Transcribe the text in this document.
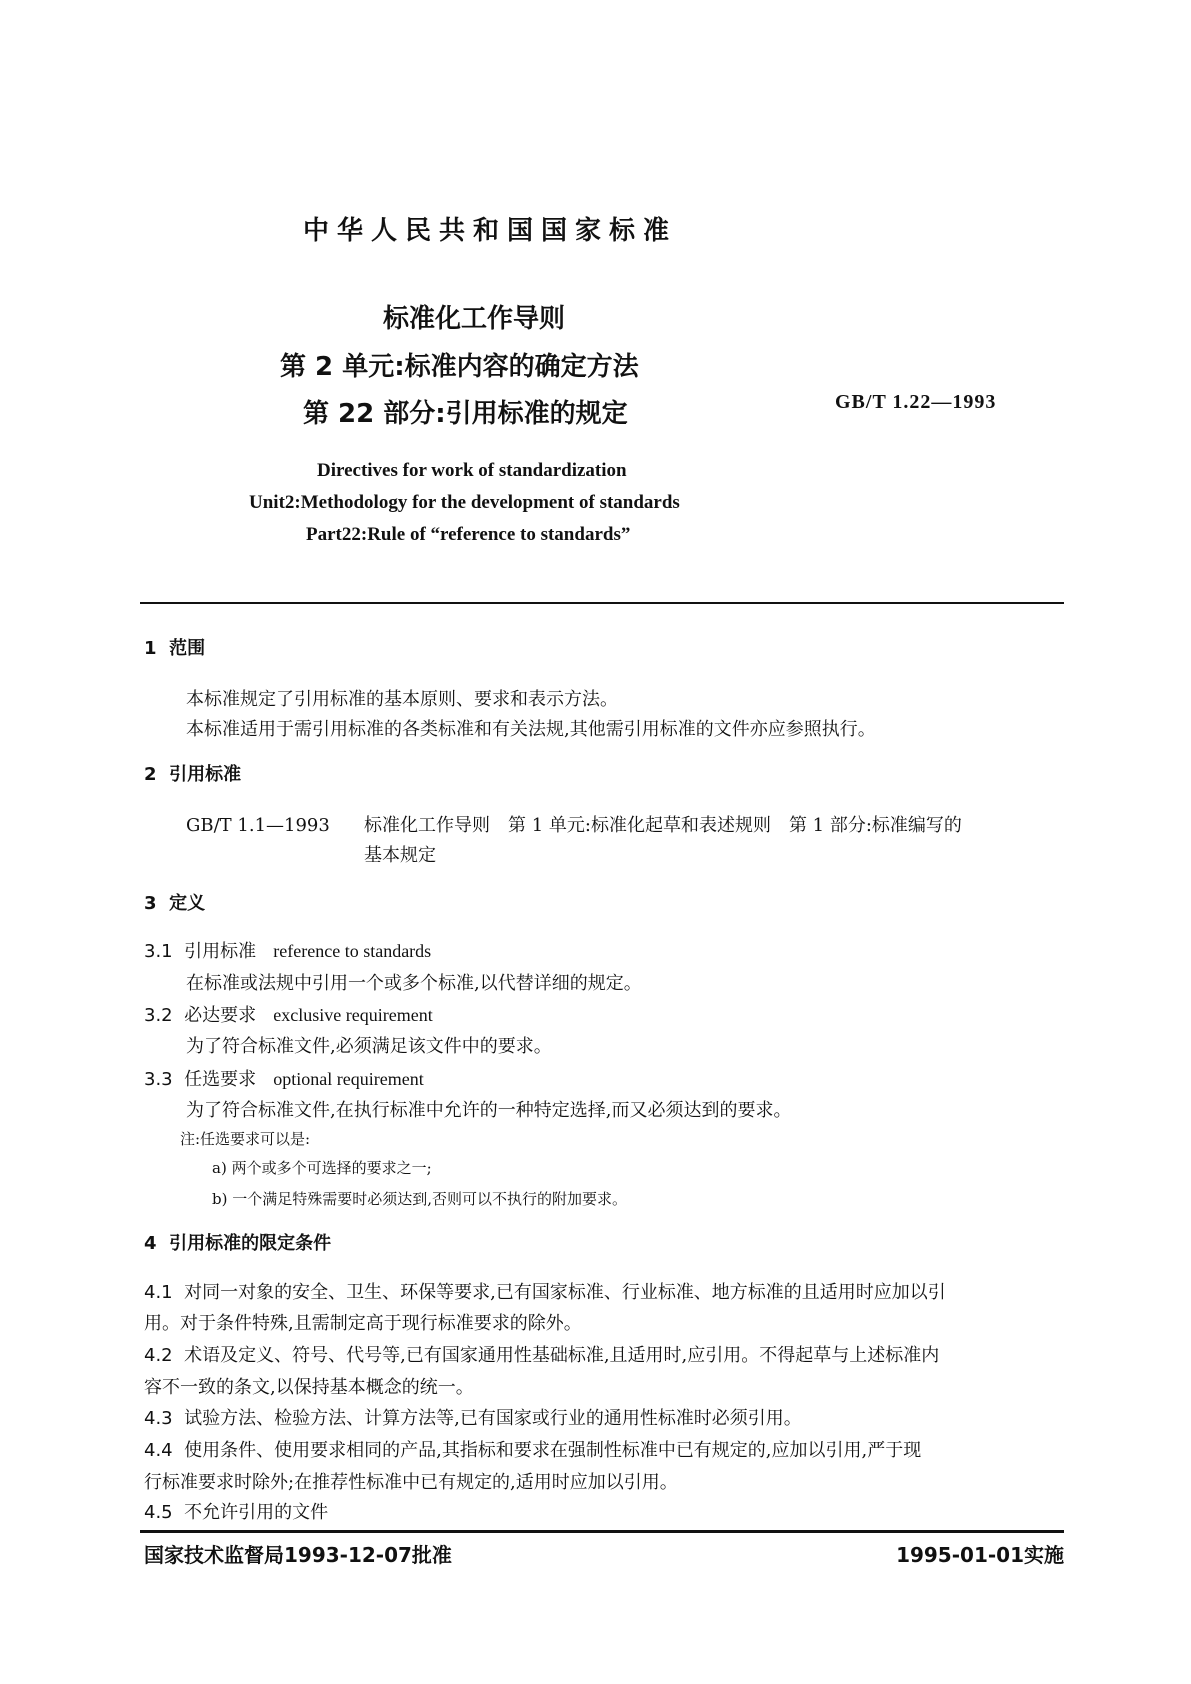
中华人民共和国国家标准
标准化工作导则
第 2 单元:标准内容的确定方法
第 22 部分:引用标准的规定	GB/T 1.22—1993
Directives for work of standardization
Unit2:Methodology for the development of standards
Part22:Rule of “reference to standards”
1 范围
本标准规定了引用标准的基本原则、要求和表示方法。
本标准适用于需引用标准的各类标准和有关法规,其他需引用标准的文件亦应参照执行。
2 引用标准
GB/T 1.1—1993 标准化工作导则　第 1 单元:标准化起草和表述规则　第 1 部分:标准编写的
基本规定
3 定义
3.1 引用标准 reference to standards
在标准或法规中引用一个或多个标准,以代替详细的规定。
3.2 必达要求 exclusive requirement
为了符合标准文件,必须满足该文件中的要求。
3.3 任选要求 optional requirement
为了符合标准文件,在执行标准中允许的一种特定选择,而又必须达到的要求。
注:任选要求可以是:
a) 两个或多个可选择的要求之一;
b) 一个满足特殊需要时必须达到,否则可以不执行的附加要求。
4 引用标准的限定条件
4.1 对同一对象的安全、卫生、环保等要求,已有国家标准、行业标准、地方标准的且适用时应加以引
用。对于条件特殊,且需制定高于现行标准要求的除外。
4.2 术语及定义、符号、代号等,已有国家通用性基础标准,且适用时,应引用。不得起草与上述标准内
容不一致的条文,以保持基本概念的统一。
4.3 试验方法、检验方法、计算方法等,已有国家或行业的通用性标准时必须引用。
4.4 使用条件、使用要求相同的产品,其指标和要求在强制性标准中已有规定的,应加以引用,严于现
行标准要求时除外;在推荐性标准中已有规定的,适用时应加以引用。
4.5 不允许引用的文件
国家技术监督局1993-12-07批准	1995-01-01实施
